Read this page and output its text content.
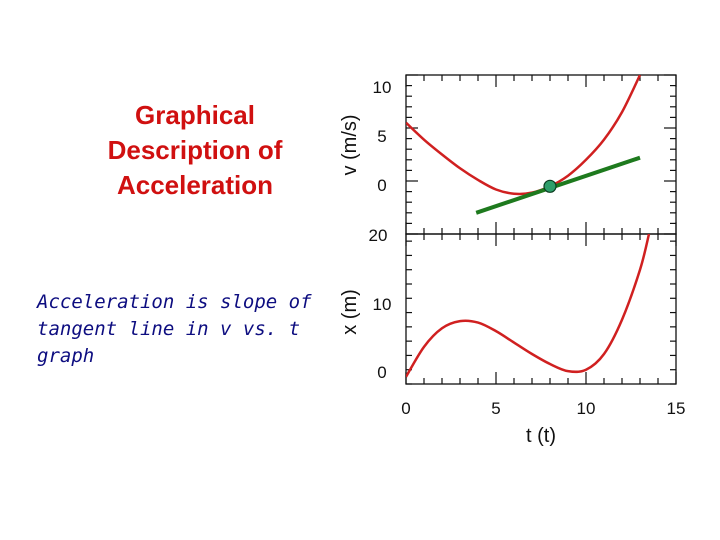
Graphical
Description of
Acceleration
Acceleration is slope of
tangent line in v vs. t
graph
10
5
0
20
10
0
0	5	10	15
v (m/s)
x (m)
t (t)
